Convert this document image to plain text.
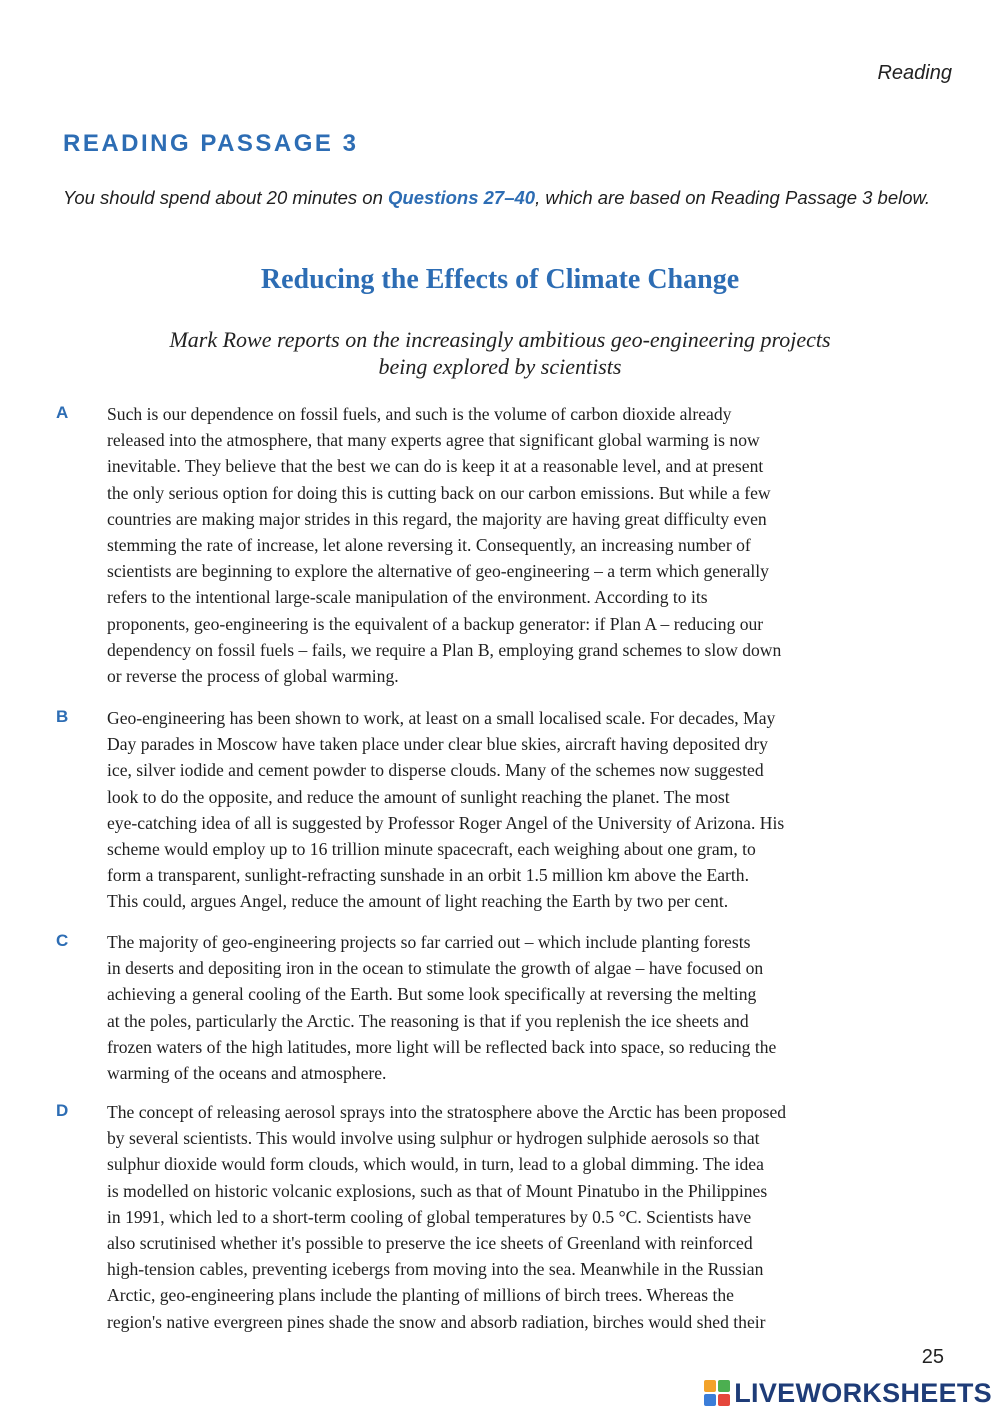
Reading
READING PASSAGE 3
You should spend about 20 minutes on Questions 27–40, which are based on Reading Passage 3 below.
Reducing the Effects of Climate Change
Mark Rowe reports on the increasingly ambitious geo-engineering projects
being explored by scientists
A Such is our dependence on fossil fuels, and such is the volume of carbon dioxide already
released into the atmosphere, that many experts agree that significant global warming is now
inevitable. They believe that the best we can do is keep it at a reasonable level, and at present
the only serious option for doing this is cutting back on our carbon emissions. But while a few
countries are making major strides in this regard, the majority are having great difficulty even
stemming the rate of increase, let alone reversing it. Consequently, an increasing number of
scientists are beginning to explore the alternative of geo-engineering – a term which generally
refers to the intentional large-scale manipulation of the environment. According to its
proponents, geo-engineering is the equivalent of a backup generator: if Plan A – reducing our
dependency on fossil fuels – fails, we require a Plan B, employing grand schemes to slow down
or reverse the process of global warming.
B Geo-engineering has been shown to work, at least on a small localised scale. For decades, May
Day parades in Moscow have taken place under clear blue skies, aircraft having deposited dry
ice, silver iodide and cement powder to disperse clouds. Many of the schemes now suggested
look to do the opposite, and reduce the amount of sunlight reaching the planet. The most
eye-catching idea of all is suggested by Professor Roger Angel of the University of Arizona. His
scheme would employ up to 16 trillion minute spacecraft, each weighing about one gram, to
form a transparent, sunlight-refracting sunshade in an orbit 1.5 million km above the Earth.
This could, argues Angel, reduce the amount of light reaching the Earth by two per cent.
C The majority of geo-engineering projects so far carried out – which include planting forests
in deserts and depositing iron in the ocean to stimulate the growth of algae – have focused on
achieving a general cooling of the Earth. But some look specifically at reversing the melting
at the poles, particularly the Arctic. The reasoning is that if you replenish the ice sheets and
frozen waters of the high latitudes, more light will be reflected back into space, so reducing the
warming of the oceans and atmosphere.
D The concept of releasing aerosol sprays into the stratosphere above the Arctic has been proposed
by several scientists. This would involve using sulphur or hydrogen sulphide aerosols so that
sulphur dioxide would form clouds, which would, in turn, lead to a global dimming. The idea
is modelled on historic volcanic explosions, such as that of Mount Pinatubo in the Philippines
in 1991, which led to a short-term cooling of global temperatures by 0.5 °C. Scientists have
also scrutinised whether it's possible to preserve the ice sheets of Greenland with reinforced
high-tension cables, preventing icebergs from moving into the sea. Meanwhile in the Russian
Arctic, geo-engineering plans include the planting of millions of birch trees. Whereas the
region's native evergreen pines shade the snow and absorb radiation, birches would shed their
25
LIVEWORKSHEETS
